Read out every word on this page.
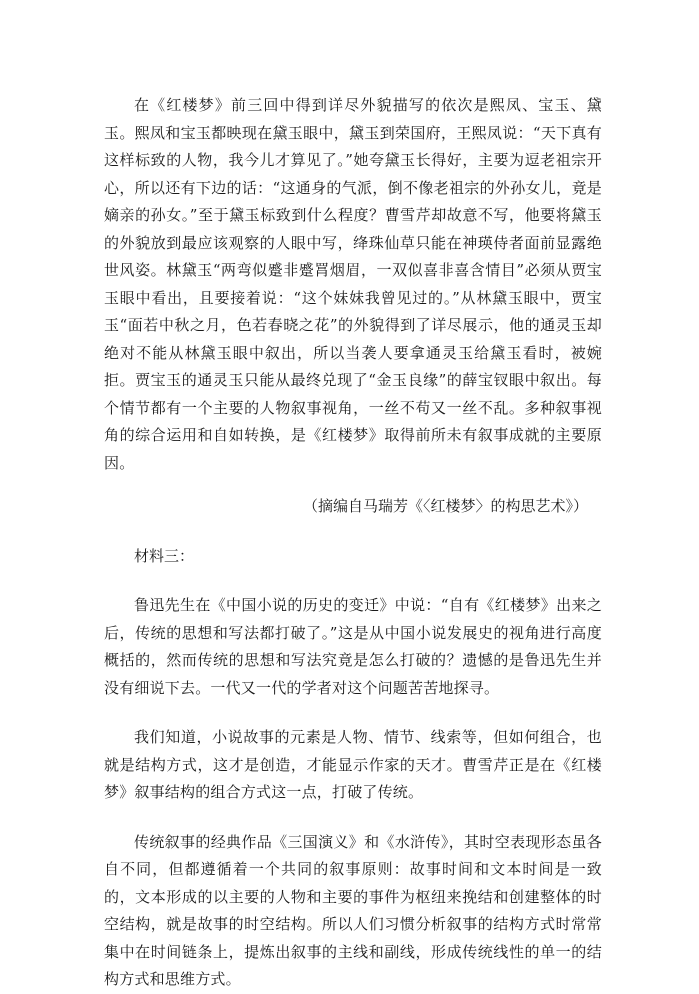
在《红楼梦》前三回中得到详尽外貌描写的依次是熙凤、宝玉、黛玉。熙凤和宝玉都映现在黛玉眼中，黛玉到荣国府，王熙凤说：“天下真有这样标致的人物，我今儿才算见了。”她夸黛玉长得好，主要为逗老祖宗开心，所以还有下边的话：“这通身的气派，倒不像老祖宗的外孙女儿，竟是嫡亲的孙女。”至于黛玉标致到什么程度？曹雪芹却故意不写，他要将黛玉的外貌放到最应该观察的人眼中写，绛珠仙草只能在神瑛侍者面前显露绝世风姿。林黛玉“两弯似蹙非蹙罥烟眉，一双似喜非喜含情目”必须从贾宝玉眼中看出，且要接着说：“这个妹妹我曾见过的。”从林黛玉眼中，贾宝玉“面若中秋之月，色若春晓之花”的外貌得到了详尽展示，他的通灵玉却绝对不能从林黛玉眼中叙出，所以当袭人要拿通灵玉给黛玉看时，被婉拒。贾宝玉的通灵玉只能从最终兑现了“金玉良缘”的薛宝钗眼中叙出。每个情节都有一个主要的人物叙事视角，一丝不苟又一丝不乱。多种叙事视角的综合运用和自如转换，是《红楼梦》取得前所未有叙事成就的主要原因。

（摘编自马瑞芳《〈红楼梦〉的构思艺术》）

材料三：

鲁迅先生在《中国小说的历史的变迁》中说：“自有《红楼梦》出来之后，传统的思想和写法都打破了。”这是从中国小说发展史的视角进行高度概括的，然而传统的思想和写法究竟是怎么打破的？遗憾的是鲁迅先生并没有细说下去。一代又一代的学者对这个问题苦苦地探寻。

我们知道，小说故事的元素是人物、情节、线索等，但如何组合，也就是结构方式，这才是创造，才能显示作家的天才。曹雪芹正是在《红楼梦》叙事结构的组合方式这一点，打破了传统。

传统叙事的经典作品《三国演义》和《水浒传》，其时空表现形态虽各自不同，但都遵循着一个共同的叙事原则：故事时间和文本时间是一致的，文本形成的以主要的人物和主要的事件为枢纽来挽结和创建整体的时空结构，就是故事的时空结构。所以人们习惯分析叙事的结构方式时常常集中在时间链条上，提炼出叙事的主线和副线，形成传统线性的单一的结构方式和思维方式。
